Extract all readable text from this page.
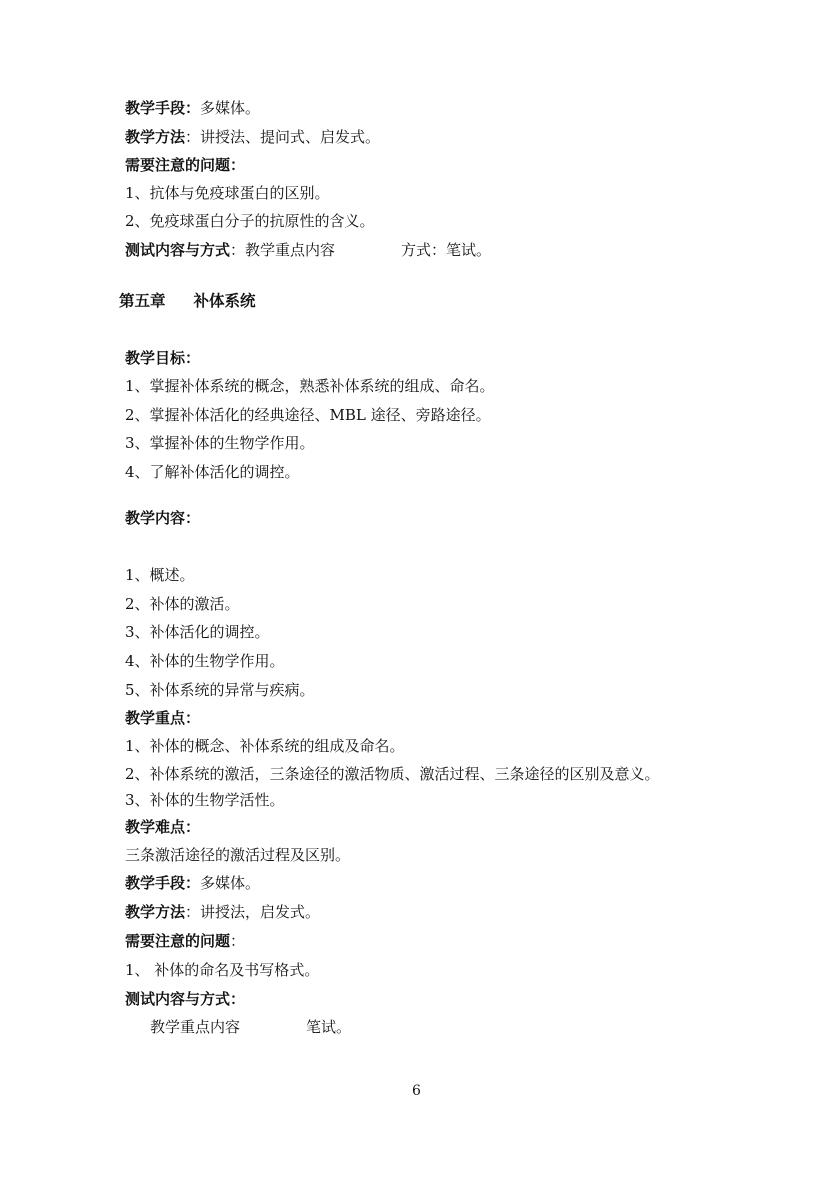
教学手段：多媒体。
教学方法：讲授法、提问式、启发式。
需要注意的问题：
1、抗体与免疫球蛋白的区别。
2、免疫球蛋白分子的抗原性的含义。
测试内容与方式：教学重点内容	方式：笔试。
第五章 补体系统
教学目标：
1、掌握补体系统的概念，熟悉补体系统的组成、命名。
2、掌握补体活化的经典途径、MBL 途径、旁路途径。
3、掌握补体的生物学作用。
4、了解补体活化的调控。
教学内容：
1、概述。
2、补体的激活。
3、补体活化的调控。
4、补体的生物学作用。
5、补体系统的异常与疾病。
教学重点：
1、补体的概念、补体系统的组成及命名。
2、补体系统的激活，三条途径的激活物质、激活过程、三条途径的区别及意义。
3、补体的生物学活性。
教学难点：
三条激活途径的激活过程及区别。
教学手段：多媒体。
教学方法：讲授法，启发式。
需要注意的问题：
1、 补体的命名及书写格式。
测试内容与方式：
教学重点内容	笔试。
6
